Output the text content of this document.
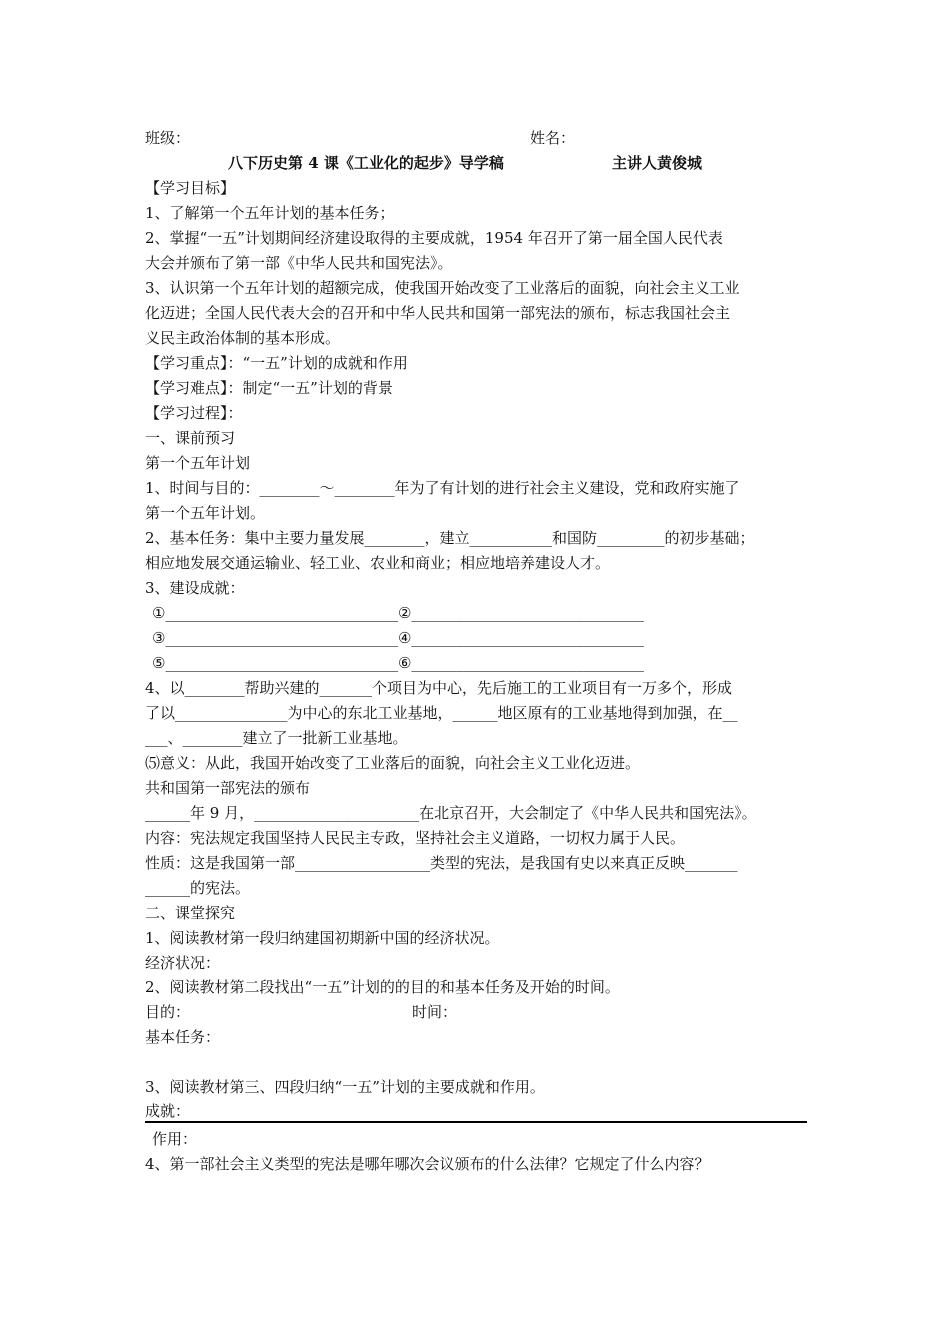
班级：	姓名：
八下历史第 4 课《工业化的起步》导学稿	主讲人黄俊城
【学习目标】
1、了解第一个五年计划的基本任务；
2、掌握“一五”计划期间经济建设取得的主要成就，1954 年召开了第一届全国人民代表
大会并颁布了第一部《中华人民共和国宪法》。
3、认识第一个五年计划的超额完成，使我国开始改变了工业落后的面貌，向社会主义工业
化迈进；全国人民代表大会的召开和中华人民共和国第一部宪法的颁布，标志我国社会主
义民主政治体制的基本形成。
【学习重点】：“一五”计划的成就和作用
【学习难点】：制定“一五”计划的背景
【学习过程】：
一、课前预习
第一个五年计划
1、时间与目的：________～________年为了有计划的进行社会主义建设，党和政府实施了
第一个五年计划。
2、基本任务：集中主要力量发展________，建立___________和国防_________的初步基础；
相应地发展交通运输业、轻工业、农业和商业；相应地培养建设人才。
3、建设成就：
①_______________________________②_______________________________
③_______________________________④_______________________________
⑤_______________________________⑥_______________________________
4、以________帮助兴建的_______个项目为中心，先后施工的工业项目有一万多个，形成
了以_______________为中心的东北工业基地，______地区原有的工业基地得到加强，在__
___、________建立了一批新工业基地。
⑸意义：从此，我国开始改变了工业落后的面貌，向社会主义工业化迈进。
共和国第一部宪法的颁布
______年 9 月，______________________在北京召开，大会制定了《中华人民共和国宪法》。
内容：宪法规定我国坚持人民民主专政，坚持社会主义道路，一切权力属于人民。
性质：这是我国第一部__________________类型的宪法，是我国有史以来真正反映_______
______的宪法。
二、课堂探究
1、阅读教材第一段归纳建国初期新中国的经济状况。
经济状况：
2、阅读教材第二段找出“一五”计划的的目的和基本任务及开始的时间。
目的：	时间：
基本任务：
3、阅读教材第三、四段归纳“一五”计划的主要成就和作用。
成就：
作用：
4、第一部社会主义类型的宪法是哪年哪次会议颁布的什么法律？它规定了什么内容？
